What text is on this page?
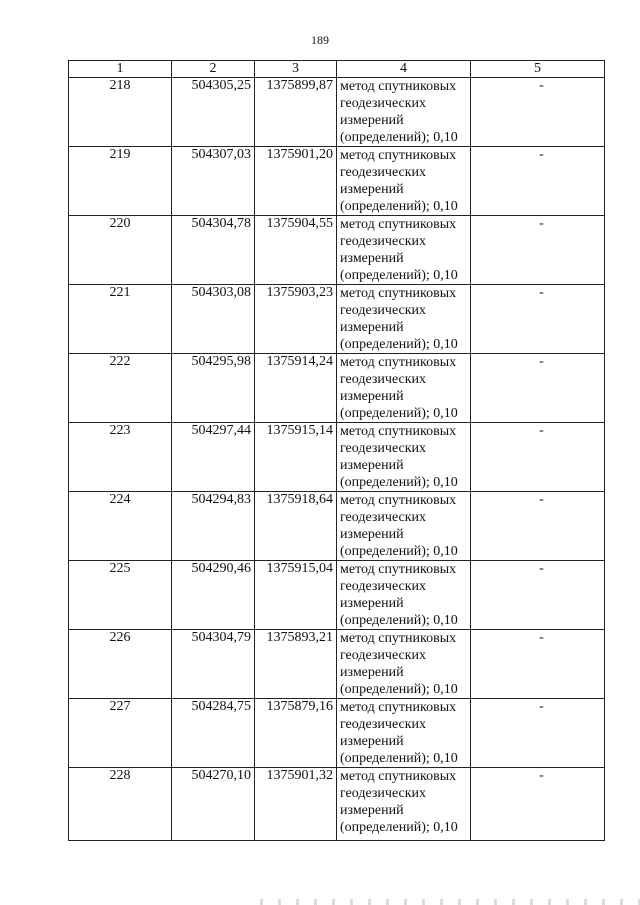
189
1	2	3	4	5
218	504305,25	1375899,87	метод спутниковых геодезических измерений (определений); 0,10	-
219	504307,03	1375901,20	метод спутниковых геодезических измерений (определений); 0,10	-
220	504304,78	1375904,55	метод спутниковых геодезических измерений (определений); 0,10	-
221	504303,08	1375903,23	метод спутниковых геодезических измерений (определений); 0,10	-
222	504295,98	1375914,24	метод спутниковых геодезических измерений (определений); 0,10	-
223	504297,44	1375915,14	метод спутниковых геодезических измерений (определений); 0,10	-
224	504294,83	1375918,64	метод спутниковых геодезических измерений (определений); 0,10	-
225	504290,46	1375915,04	метод спутниковых геодезических измерений (определений); 0,10	-
226	504304,79	1375893,21	метод спутниковых геодезических измерений (определений); 0,10	-
227	504284,75	1375879,16	метод спутниковых геодезических измерений (определений); 0,10	-
228	504270,10	1375901,32	метод спутниковых геодезических измерений (определений); 0,10	-
